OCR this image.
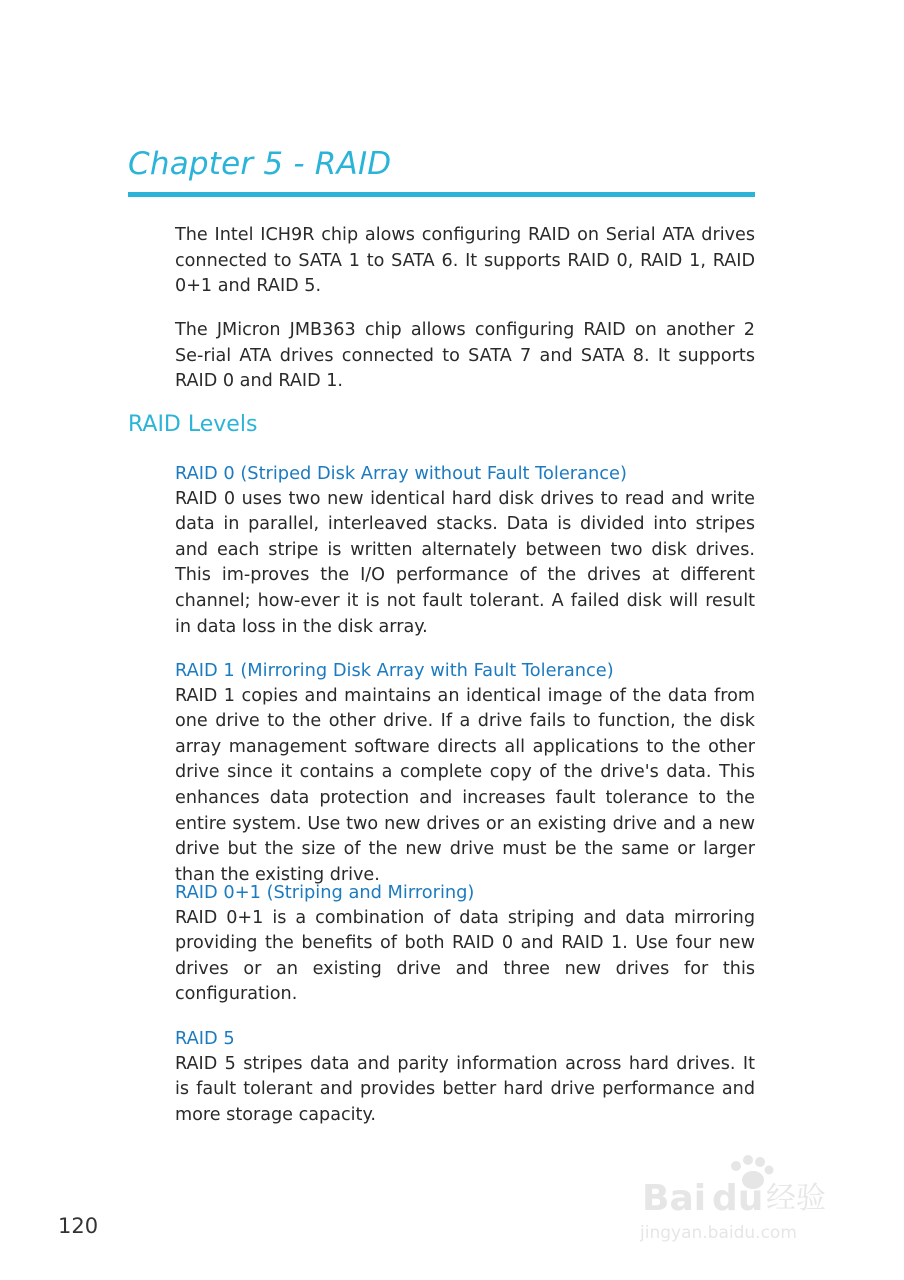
Chapter 5 - RAID

The Intel ICH9R chip alows configuring RAID on Serial ATA drives connected to SATA 1 to SATA 6. It supports RAID 0, RAID 1, RAID 0+1 and RAID 5.

The JMicron JMB363 chip allows configuring RAID on another 2 Se-rial ATA drives connected to SATA 7 and SATA 8. It supports RAID 0 and RAID 1.

RAID Levels
RAID 0 (Striped Disk Array without Fault Tolerance)

RAID 0 uses two new identical hard disk drives to read and write data in parallel, interleaved stacks. Data is divided into stripes and each stripe is written alternately between two disk drives. This im-proves the I/O performance of the drives at different channel; how-ever it is not fault tolerant. A failed disk will result in data loss in the disk array.

RAID 1 (Mirroring Disk Array with Fault Tolerance)

RAID 1 copies and maintains an identical image of the data from one drive to the other drive. If a drive fails to function, the disk array management software directs all applications to the other drive since it contains a complete copy of the drive's data. This enhances data protection and increases fault tolerance to the entire system. Use two new drives or an existing drive and a new drive but the size of the new drive must be the same or larger than the existing drive.

RAID 0+1 (Striping and Mirroring)

RAID 0+1 is a combination of data striping and data mirroring providing the benefits of both RAID 0 and RAID 1. Use four new drives or an existing drive and three new drives for this configuration.

RAID 5

RAID 5 stripes data and parity information across hard drives. It is fault tolerant and provides better hard drive performance and more storage capacity.

120
Bai du 经验
jingyan.baidu.com
